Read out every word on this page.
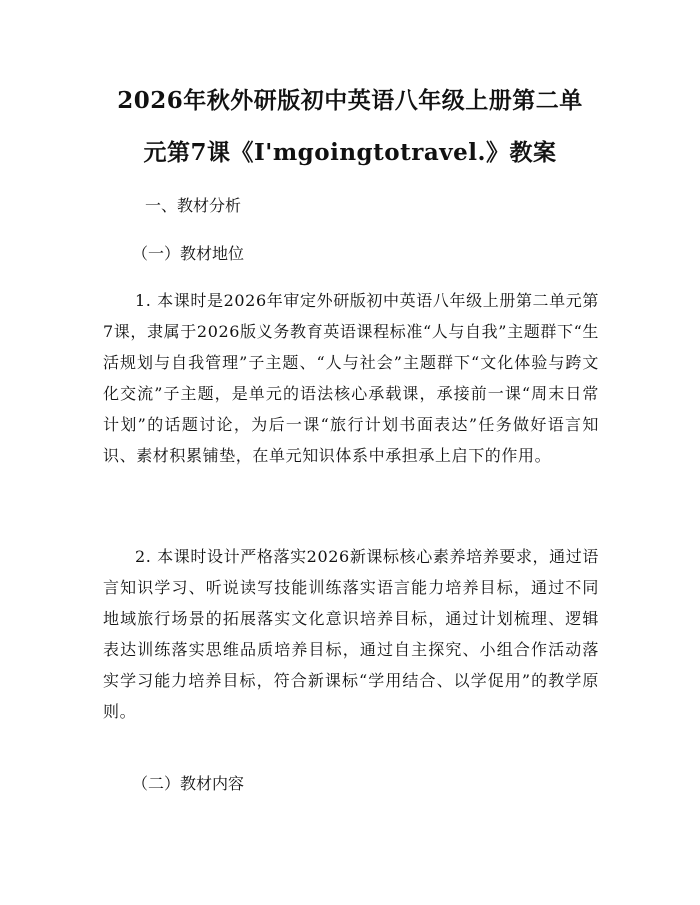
2026年秋外研版初中英语八年级上册第二单
元第7课《I'mgoingtotravel.》教案
一、教材分析
（一）教材地位
1. 本课时是2026年审定外研版初中英语八年级上册第二单元第7课，隶属于2026版义务教育英语课程标准“人与自我”主题群下“生活规划与自我管理”子主题、“人与社会”主题群下“文化体验与跨文化交流”子主题，是单元的语法核心承载课，承接前一课“周末日常计划”的话题讨论，为后一课“旅行计划书面表达”任务做好语言知识、素材积累铺垫，在单元知识体系中承担承上启下的作用。
2. 本课时设计严格落实2026新课标核心素养培养要求，通过语言知识学习、听说读写技能训练落实语言能力培养目标，通过不同地域旅行场景的拓展落实文化意识培养目标，通过计划梳理、逻辑表达训练落实思维品质培养目标，通过自主探究、小组合作活动落实学习能力培养目标，符合新课标“学用结合、以学促用”的教学原则。
（二）教材内容
